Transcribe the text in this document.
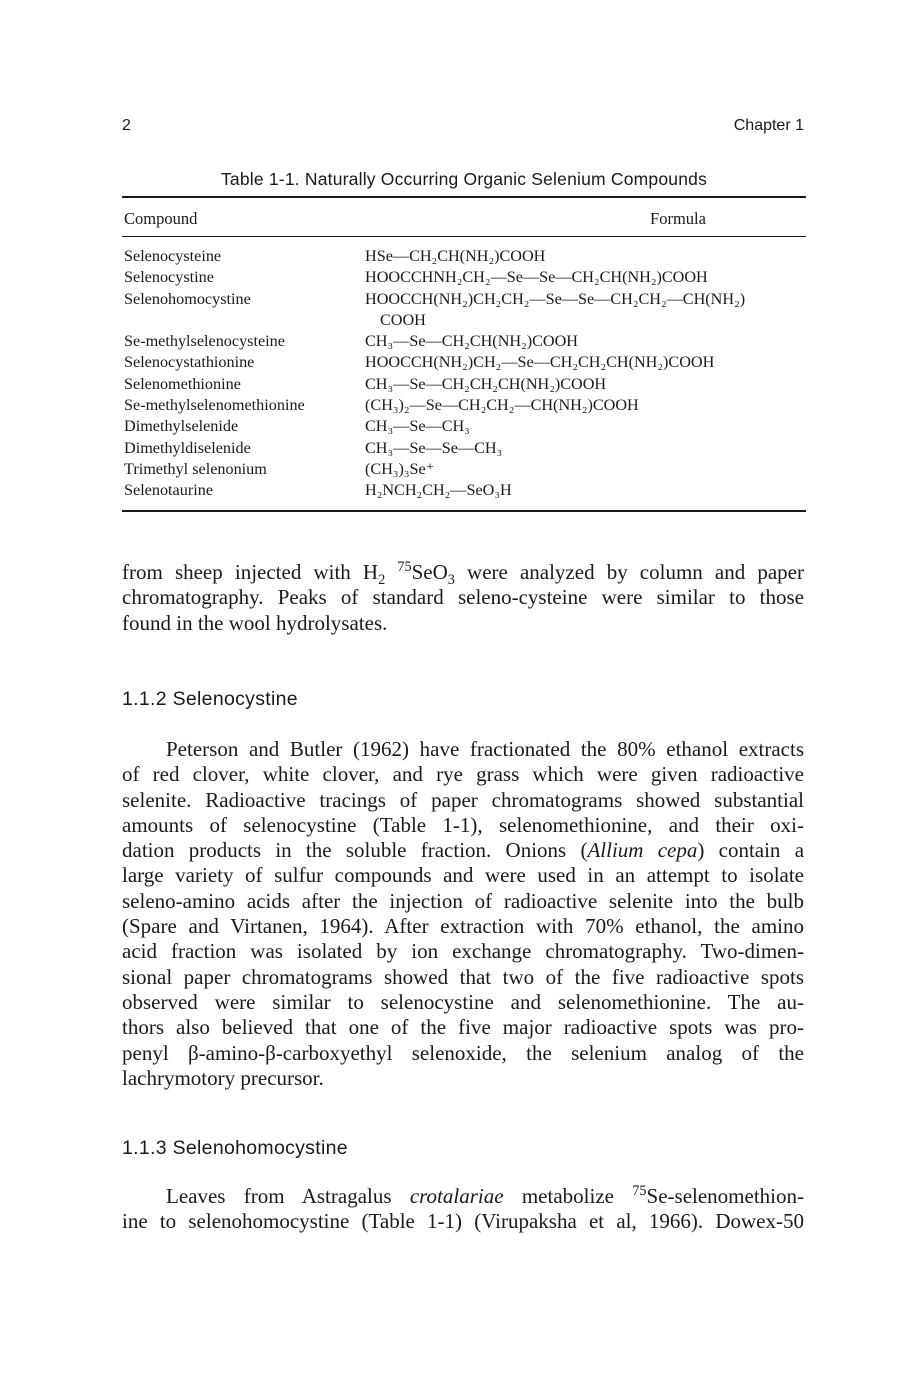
2	Chapter 1
Table 1-1. Naturally Occurring Organic Selenium Compounds
Compound	Formula
Selenocysteine	HSe—CH₂CH(NH₂)COOH
Selenocystine	HOOCCHNH₂CH₂—Se—Se—CH₂CH(NH₂)COOH
Selenohomocystine	HOOCCH(NH₂)CH₂CH₂—Se—Se—CH₂CH₂—CH(NH₂)
COOH
Se-methylselenocysteine	CH₃—Se—CH₂CH(NH₂)COOH
Selenocystathionine	HOOCCH(NH₂)CH₂—Se—CH₂CH₂CH(NH₂)COOH
Selenomethionine	CH₃—Se—CH₂CH₂CH(NH₂)COOH
Se-methylselenomethionine	(CH₃)₂—Se—CH₂CH₂—CH(NH₂)COOH
Dimethylselenide	CH₃—Se—CH₃
Dimethyldiselenide	CH₃—Se—Se—CH₃
Trimethyl selenonium	(CH₃)₃Se⁺
Selenotaurine	H₂NCH₂CH₂—SeO₃H
from sheep injected with $H_2$ $^{75}$SeO$_3$ were analyzed by column and paper
chromatography. Peaks of standard seleno-cysteine were similar to those
found in the wool hydrolysates.
1.1.2 Selenocystine
Peterson and Butler (1962) have fractionated the 80% ethanol extracts
of red clover, white clover, and rye grass which were given radioactive
selenite. Radioactive tracings of paper chromatograms showed substantial
amounts of selenocystine (Table 1-1), selenomethionine, and their oxi-
dation products in the soluble fraction. Onions (Allium cepa) contain a
large variety of sulfur compounds and were used in an attempt to isolate
seleno-amino acids after the injection of radioactive selenite into the bulb
(Spare and Virtanen, 1964). After extraction with 70% ethanol, the amino
acid fraction was isolated by ion exchange chromatography. Two-dimen-
sional paper chromatograms showed that two of the five radioactive spots
observed were similar to selenocystine and selenomethionine. The au-
thors also believed that one of the five major radioactive spots was pro-
penyl β-amino-β-carboxyethyl selenoxide, the selenium analog of the
lachrymotory precursor.
1.1.3 Selenohomocystine
Leaves from Astragalus crotalariae metabolize $^{75}$Se-selenomethion-
ine to selenohomocystine (Table 1-1) (Virupaksha et al, 1966). Dowex-50
